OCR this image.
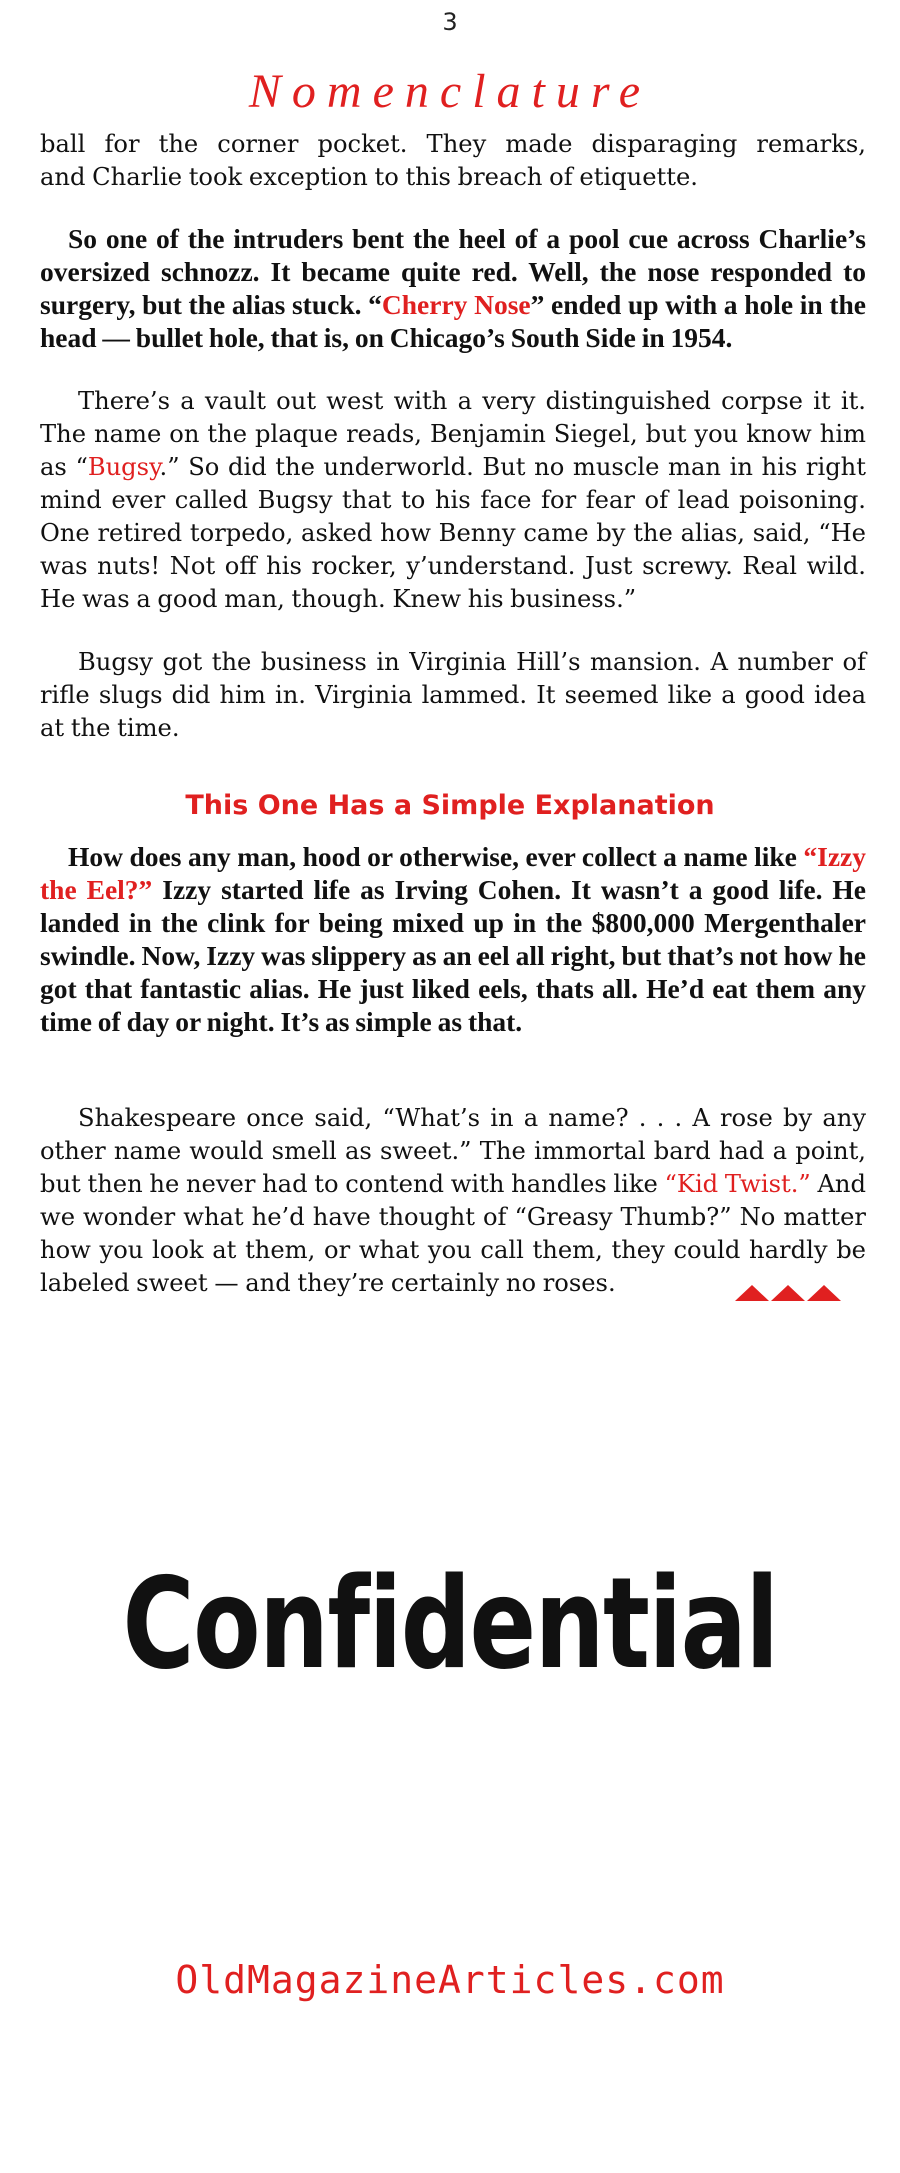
3
Nomenclature

ball for the corner pocket. They made disparaging remarks,

and Charlie took exception to this breach of etiquette.

So one of the intruders bent the heel of a pool cue across Charlie’s oversized schnozz. It became quite red. Well, the nose responded to surgery, but the alias stuck. “Cherry Nose” ended up with a hole in the head — bullet hole, that is, on Chicago’s South Side in 1954.

There’s a vault out west with a very distinguished corpse it it. The name on the plaque reads, Benjamin Siegel, but you know him as “Bugsy.” So did the underworld. But no muscle man in his right mind ever called Bugsy that to his face for fear of lead poisoning. One retired torpedo, asked how Benny came by the alias, said, “He was nuts! Not off his rocker, y’understand. Just screwy. Real wild. He was a good man, though. Knew his business.”

Bugsy got the business in Virginia Hill’s mansion. A number of rifle slugs did him in. Virginia lammed. It seemed like a good idea at the time.

This One Has a Simple Explanation

How does any man, hood or otherwise, ever collect a name like “Izzy the Eel?” Izzy started life as Irving Cohen. It wasn’t a good life. He landed in the clink for being mixed up in the $800,000 Mergenthaler swindle. Now, Izzy was slippery as an eel all right, but that’s not how he got that fantastic alias. He just liked eels, thats all. He’d eat them any time of day or night. It’s as simple as that.

Shakespeare once said, “What’s in a name? . . . A rose by any other name would smell as sweet.” The immortal bard had a point, but then he never had to contend with handles like “Kid Twist.” And we wonder what he’d have thought of “Greasy Thumb?” No matter how you look at them, or what you call them, they could hardly be labeled sweet — and they’re certainly no roses.

Confidential
OldMagazineArticles.com
